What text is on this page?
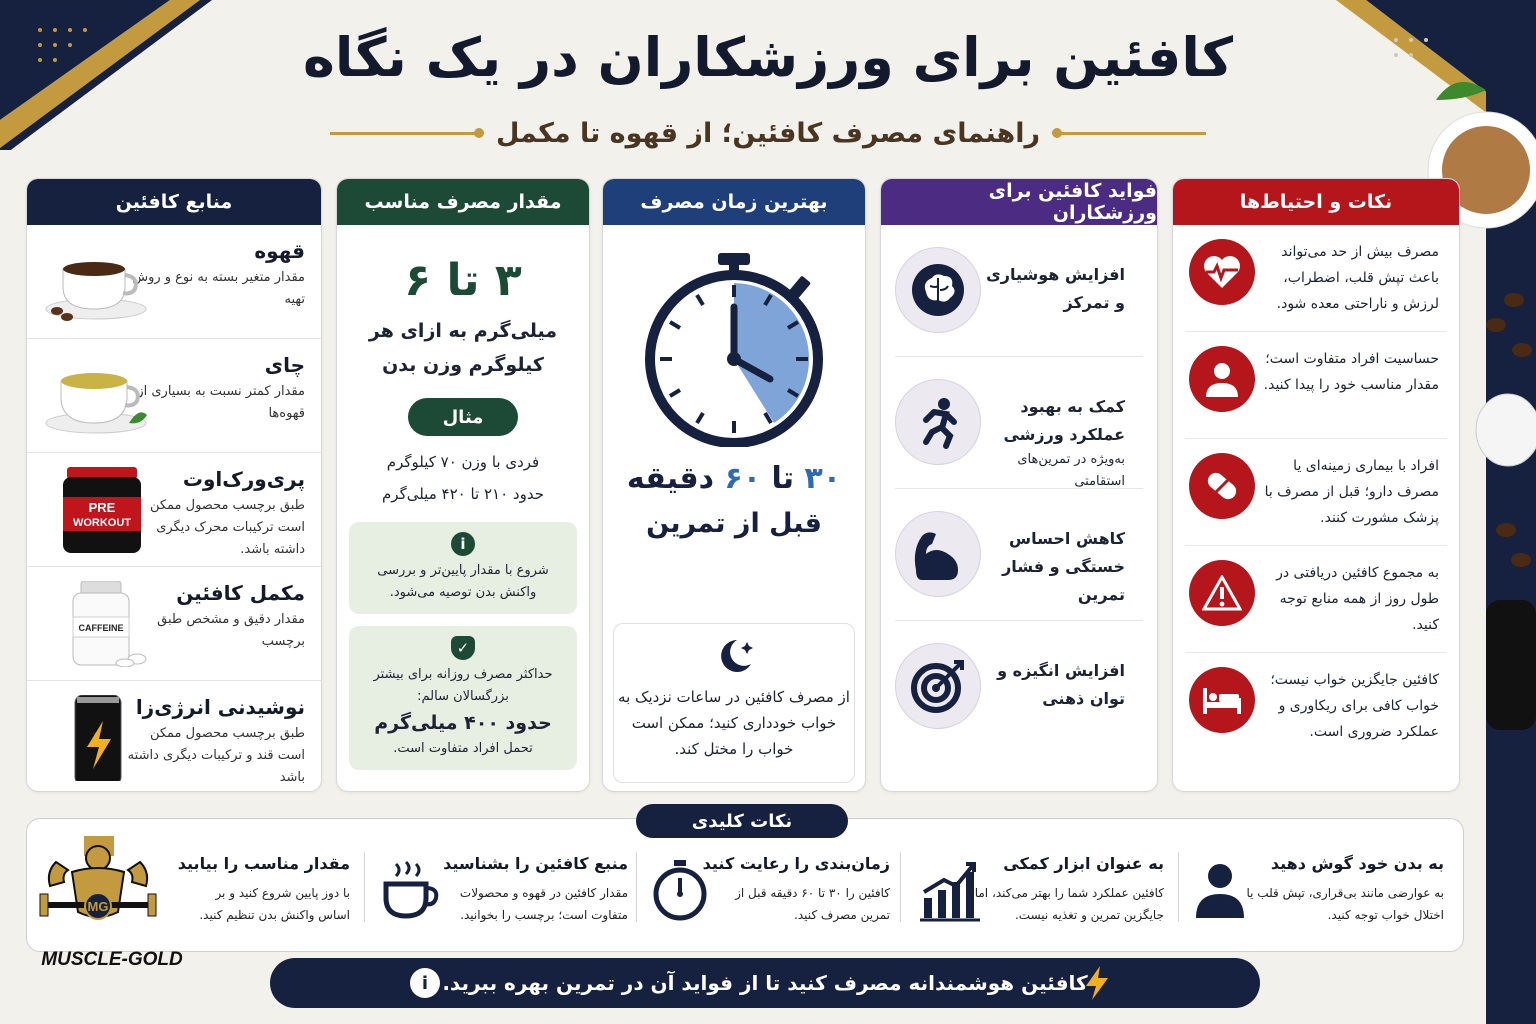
کافئین برای ورزشکاران در یک نگاه
راهنمای مصرف کافئین؛ از قهوه تا مکمل
منابع کافئین
قهوه
مقدار متغیر بسته به نوع و روش تهیه
چای
مقدار کمتر نسبت به بسیاری از قهوه‌ها
پری‌ورک‌اوت
طبق برچسب محصول ممکن است ترکیبات محرک دیگری داشته باشد.
PRE
WORKOUT
مکمل کافئین
مقدار دقیق و مشخص طبق برچسب
CAFFEINE
نوشیدنی انرژی‌زا
طبق برچسب محصول ممکن است قند و ترکیبات دیگری داشته باشد
مقدار مصرف مناسب
۳ تا ۶
میلی‌گرم به ازای هر کیلوگرم وزن بدن
مثال
فردی با وزن ۷۰ کیلوگرم
حدود ۲۱۰ تا ۴۲۰ میلی‌گرم
i
شروع با مقدار پایین‌تر و بررسی واکنش بدن توصیه می‌شود.
✓
حداکثر مصرف روزانه برای بیشتر بزرگسالان سالم:
حدود ۴۰۰ میلی‌گرم
تحمل افراد متفاوت است.
بهترین زمان مصرف
۳۰ تا ۶۰ دقیقه
قبل از تمرین
از مصرف کافئین در ساعات نزدیک به خواب خودداری کنید؛ ممکن است خواب را مختل کند.
فواید کافئین برای ورزشکاران
افزایش هوشیاری و تمرکز
کمک به بهبود عملکرد ورزشی
به‌ویژه در تمرین‌های استقامتی
کاهش احساس خستگی و فشار تمرین
افزایش انگیزه و توان ذهنی
نکات و احتیاط‌ها
مصرف بیش از حد می‌تواند باعث تپش قلب، اضطراب، لرزش و ناراحتی معده شود.
حساسیت افراد متفاوت است؛ مقدار مناسب خود را پیدا کنید.
افراد با بیماری زمینه‌ای یا مصرف دارو؛ قبل از مصرف با پزشک مشورت کنند.
به مجموع کافئین دریافتی در طول روز از همه منابع توجه کنید.
کافئین جایگزین خواب نیست؛ خواب کافی برای ریکاوری و عملکرد ضروری است.
نکات کلیدی
به بدن خود گوش دهید
به عوارضی مانند بی‌قراری، تپش قلب یا اختلال خواب توجه کنید.
به عنوان ابزار کمکی
کافئین عملکرد شما را بهتر می‌کند، اما جایگزین تمرین و تغذیه نیست.
زمان‌بندی را رعایت کنید
کافئین را ۳۰ تا ۶۰ دقیقه قبل از تمرین مصرف کنید.
منبع کافئین را بشناسید
مقدار کافئین در قهوه و محصولات متفاوت است؛ برچسب را بخوانید.
مقدار مناسب را بیابید
با دوز پایین شروع کنید و بر اساس واکنش بدن تنظیم کنید.
MG
MUSCLE-GOLD
i کافئین هوشمندانه مصرف کنید تا از فواید آن در تمرین بهره ببرید.
